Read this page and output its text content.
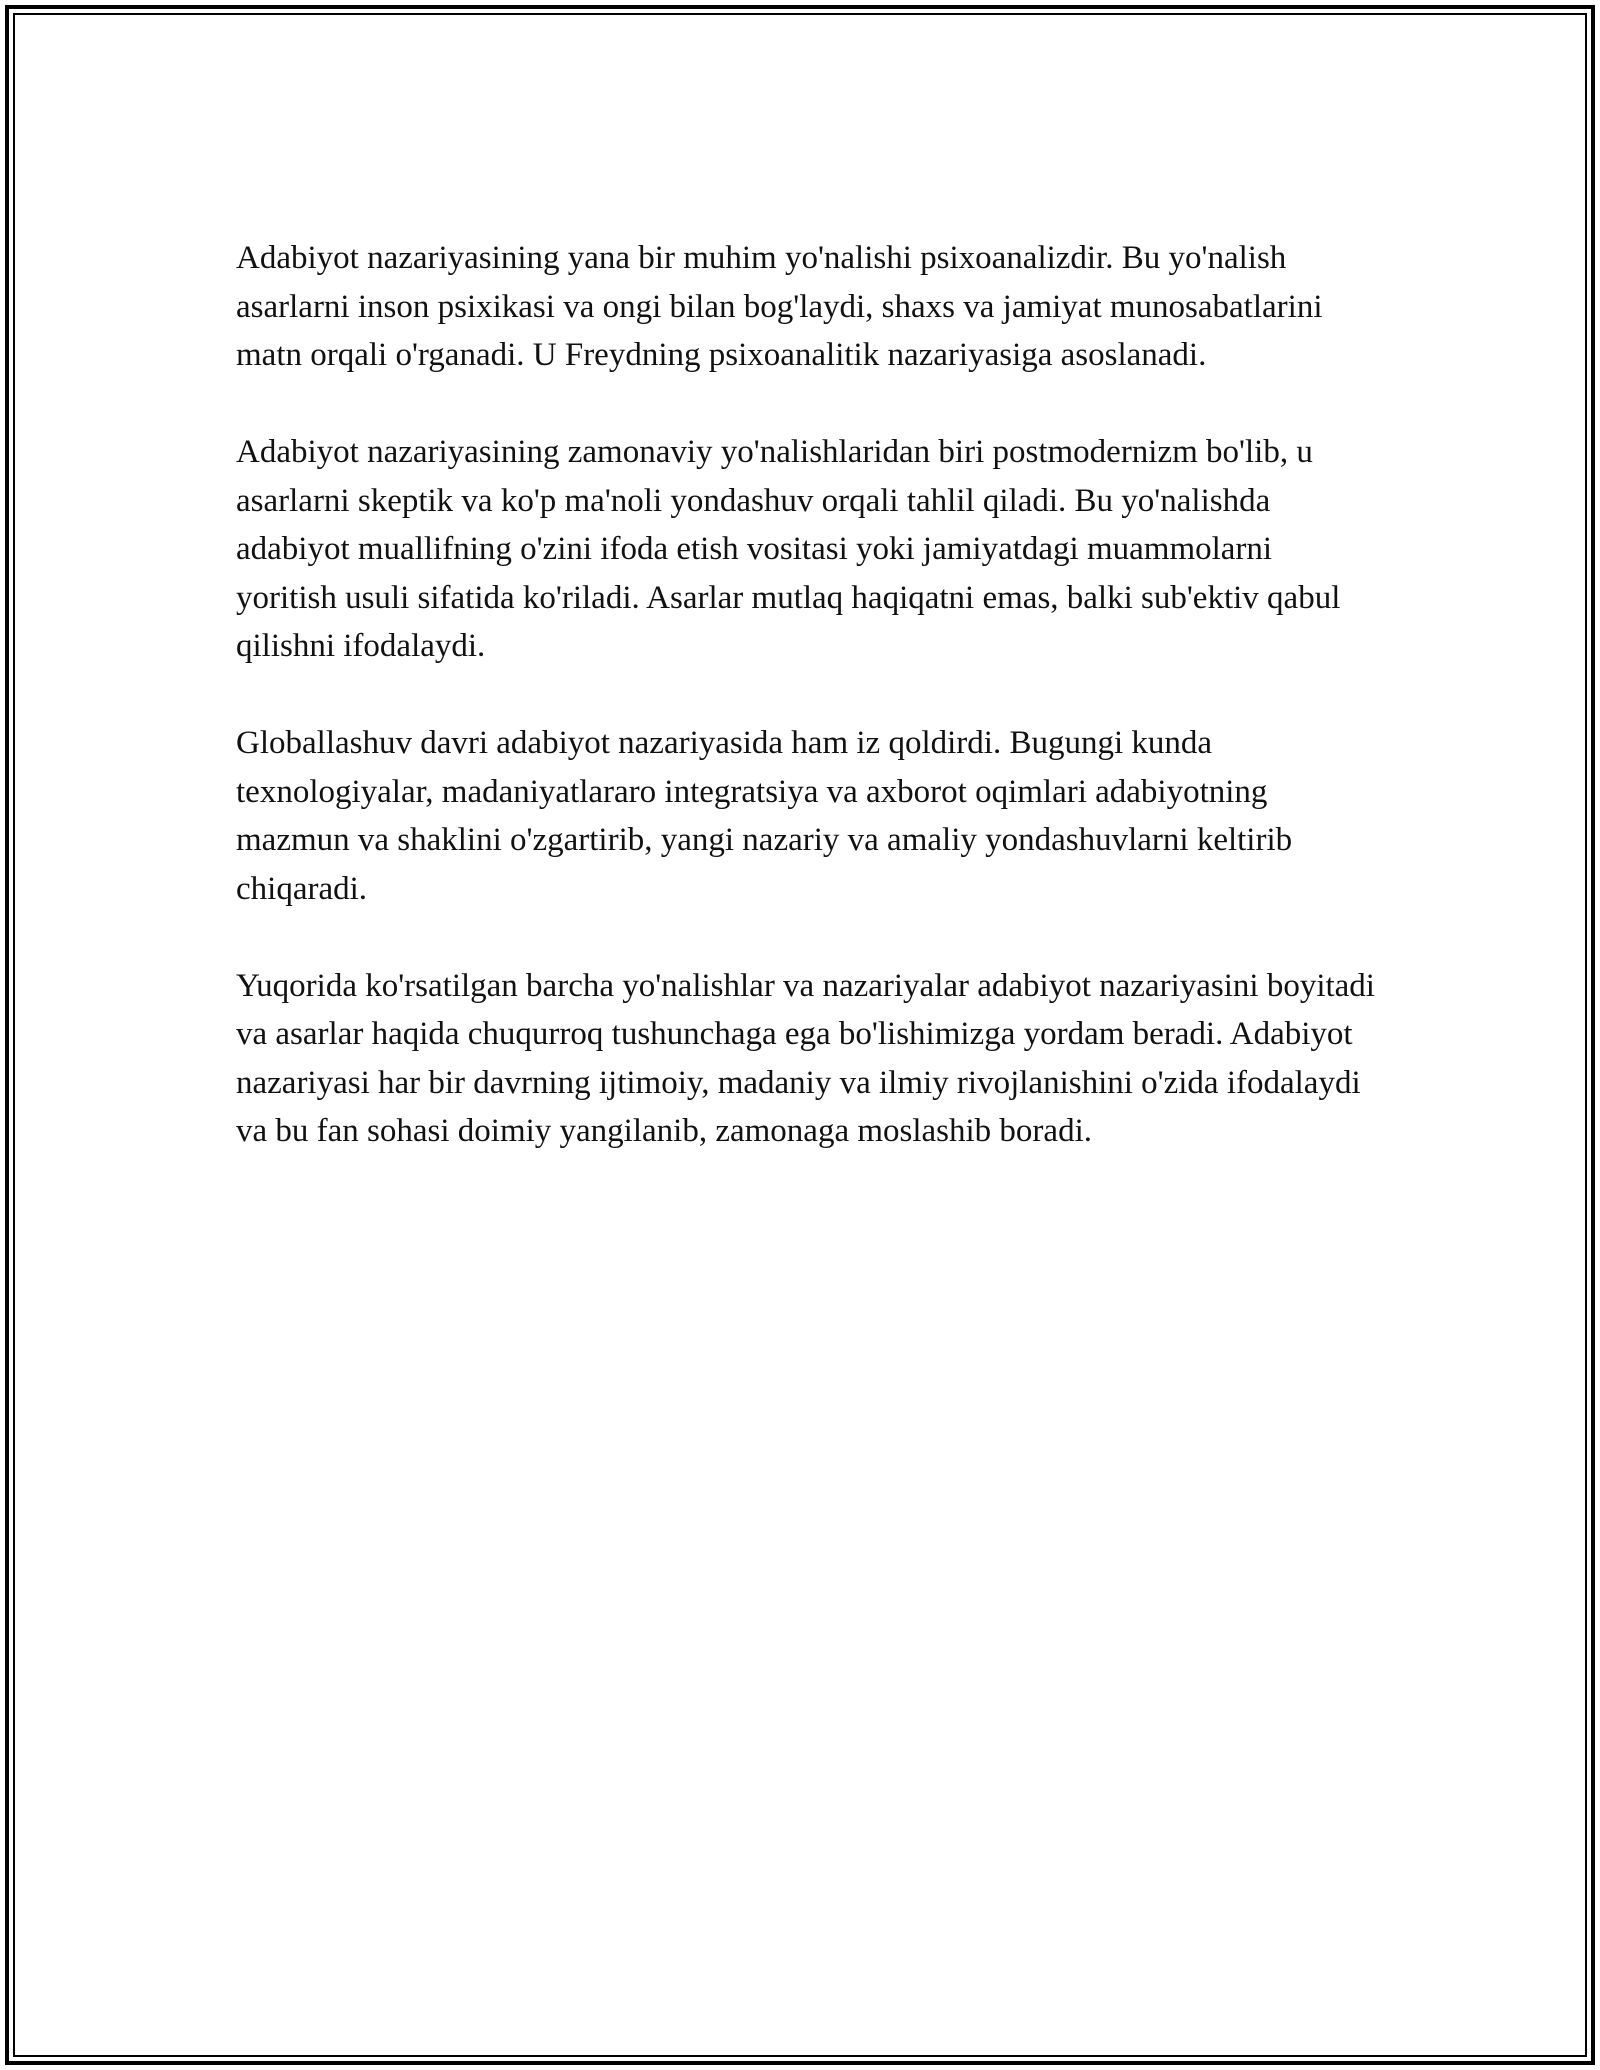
Adabiyot nazariyasining yana bir muhim yo'nalishi psixoanalizdir. Bu yo'nalish asarlarni inson psixikasi va ongi bilan bog'laydi, shaxs va jamiyat munosabatlarini matn orqali o'rganadi. U Freydning psixoanalitik nazariyasiga asoslanadi.

Adabiyot nazariyasining zamonaviy yo'nalishlaridan biri postmodernizm bo'lib, u asarlarni skeptik va ko'p ma'noli yondashuv orqali tahlil qiladi. Bu yo'nalishda adabiyot muallifning o'zini ifoda etish vositasi yoki jamiyatdagi muammolarni yoritish usuli sifatida ko'riladi. Asarlar mutlaq haqiqatni emas, balki sub'ektiv qabul qilishni ifodalaydi.

Globallashuv davri adabiyot nazariyasida ham iz qoldirdi. Bugungi kunda texnologiyalar, madaniyatlararo integratsiya va axborot oqimlari adabiyotning mazmun va shaklini o'zgartirib, yangi nazariy va amaliy yondashuvlarni keltirib chiqaradi.

Yuqorida ko'rsatilgan barcha yo'nalishlar va nazariyalar adabiyot nazariyasini boyitadi va asarlar haqida chuqurroq tushunchaga ega bo'lishimizga yordam beradi. Adabiyot nazariyasi har bir davrning ijtimoiy, madaniy va ilmiy rivojlanishini o'zida ifodalaydi va bu fan sohasi doimiy yangilanib, zamonaga moslashib boradi.
